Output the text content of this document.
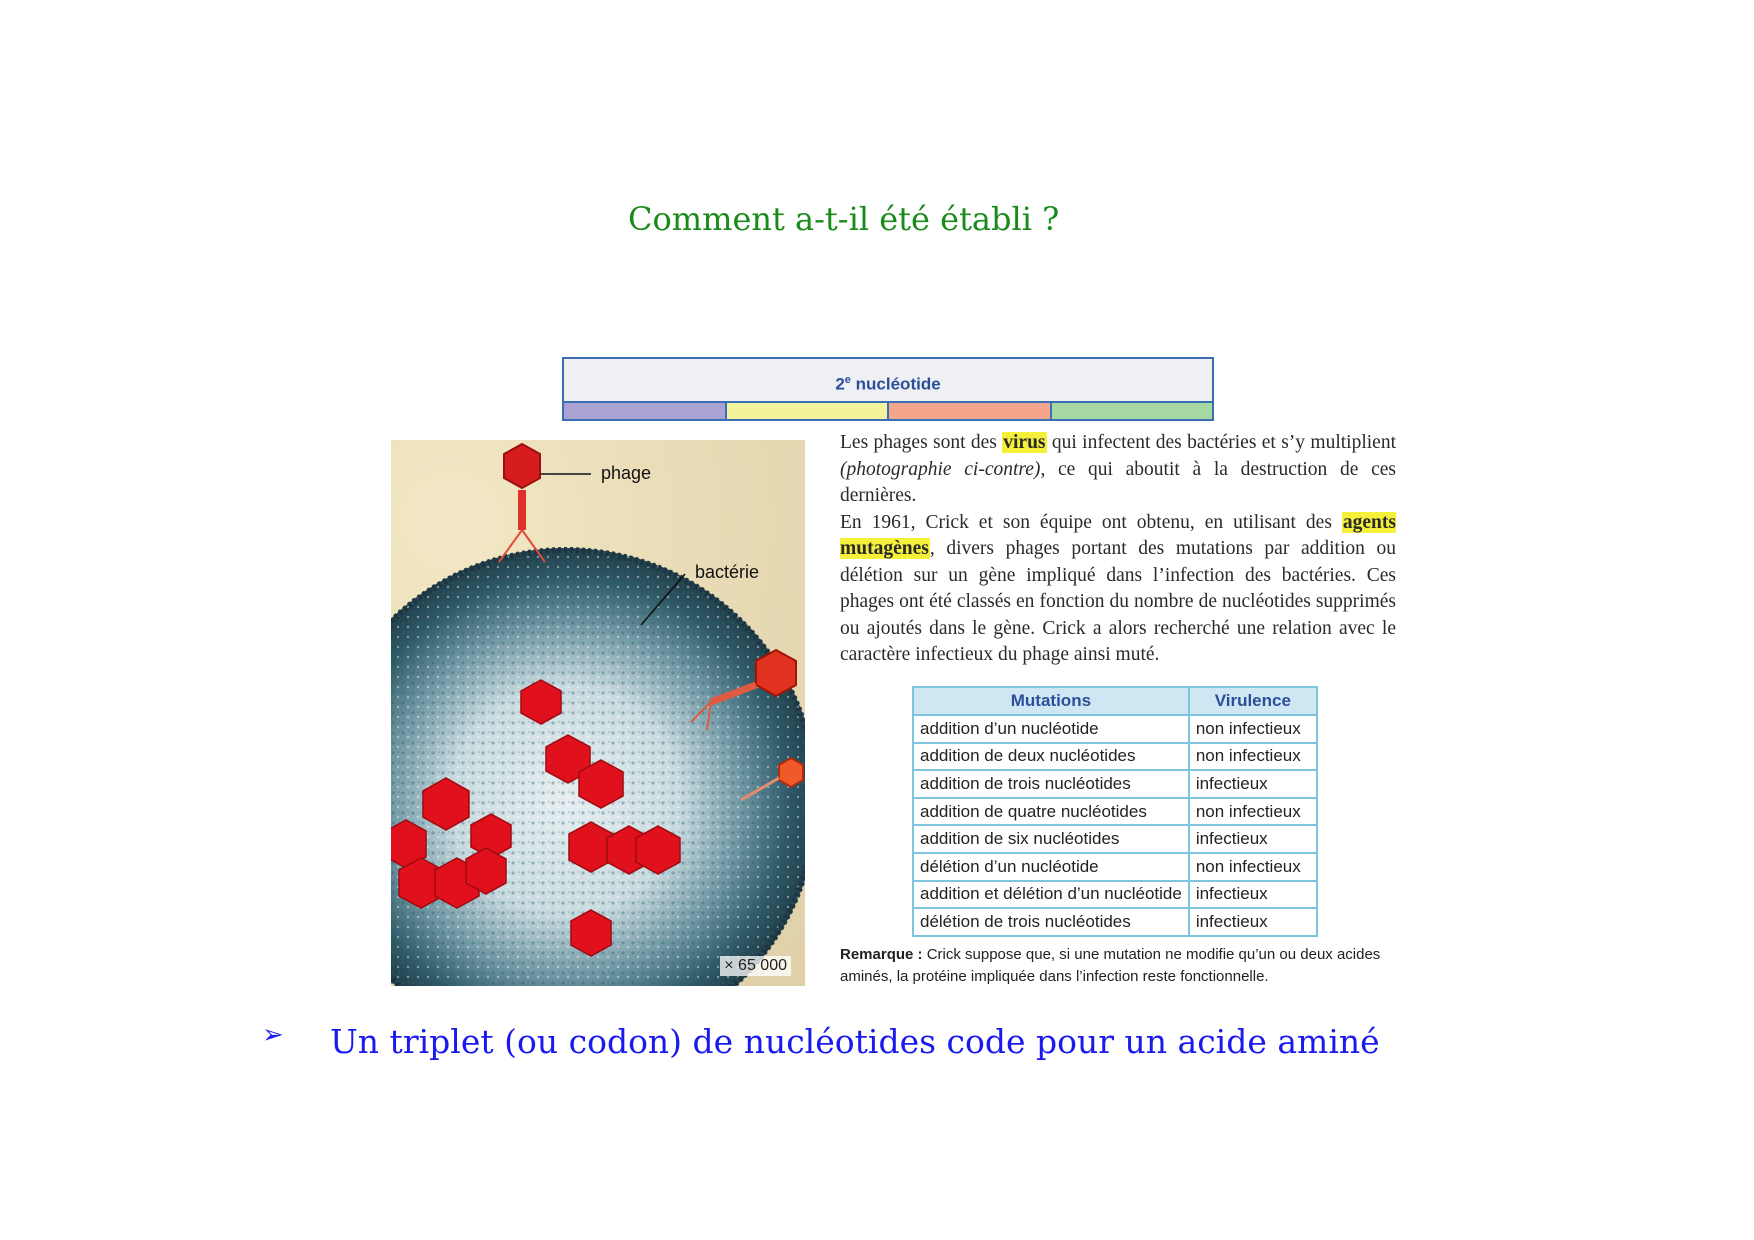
Comment a-t-il été établi ?
2e nucléotide
phage
bactérie
× 65 000

Les phages sont des virus qui infectent des bactéries et s’y multiplient (photographie ci-contre), ce qui aboutit à la destruction de ces dernières.

En 1961, Crick et son équipe ont obtenu, en utilisant des agents mutagènes, divers phages portant des mutations par addition ou délétion sur un gène impliqué dans l’infection des bactéries. Ces phages ont été classés en fonction du nombre de nucléotides supprimés ou ajoutés dans le gène. Crick a alors recherché une relation avec le caractère infectieux du phage ainsi muté.

Mutations	Virulence
addition d’un nucléotide	non infectieux
addition de deux nucléotides	non infectieux
addition de trois nucléotides	infectieux
addition de quatre nucléotides	non infectieux
addition de six nucléotides	infectieux
délétion d’un nucléotide	non infectieux
addition et délétion d’un nucléotide	infectieux
délétion de trois nucléotides	infectieux
Remarque : Crick suppose que, si une mutation ne modifie qu’un ou deux acides aminés, la protéine impliquée dans l’infection reste fonctionnelle.
➢ Un triplet (ou codon) de nucléotides code pour un acide aminé
